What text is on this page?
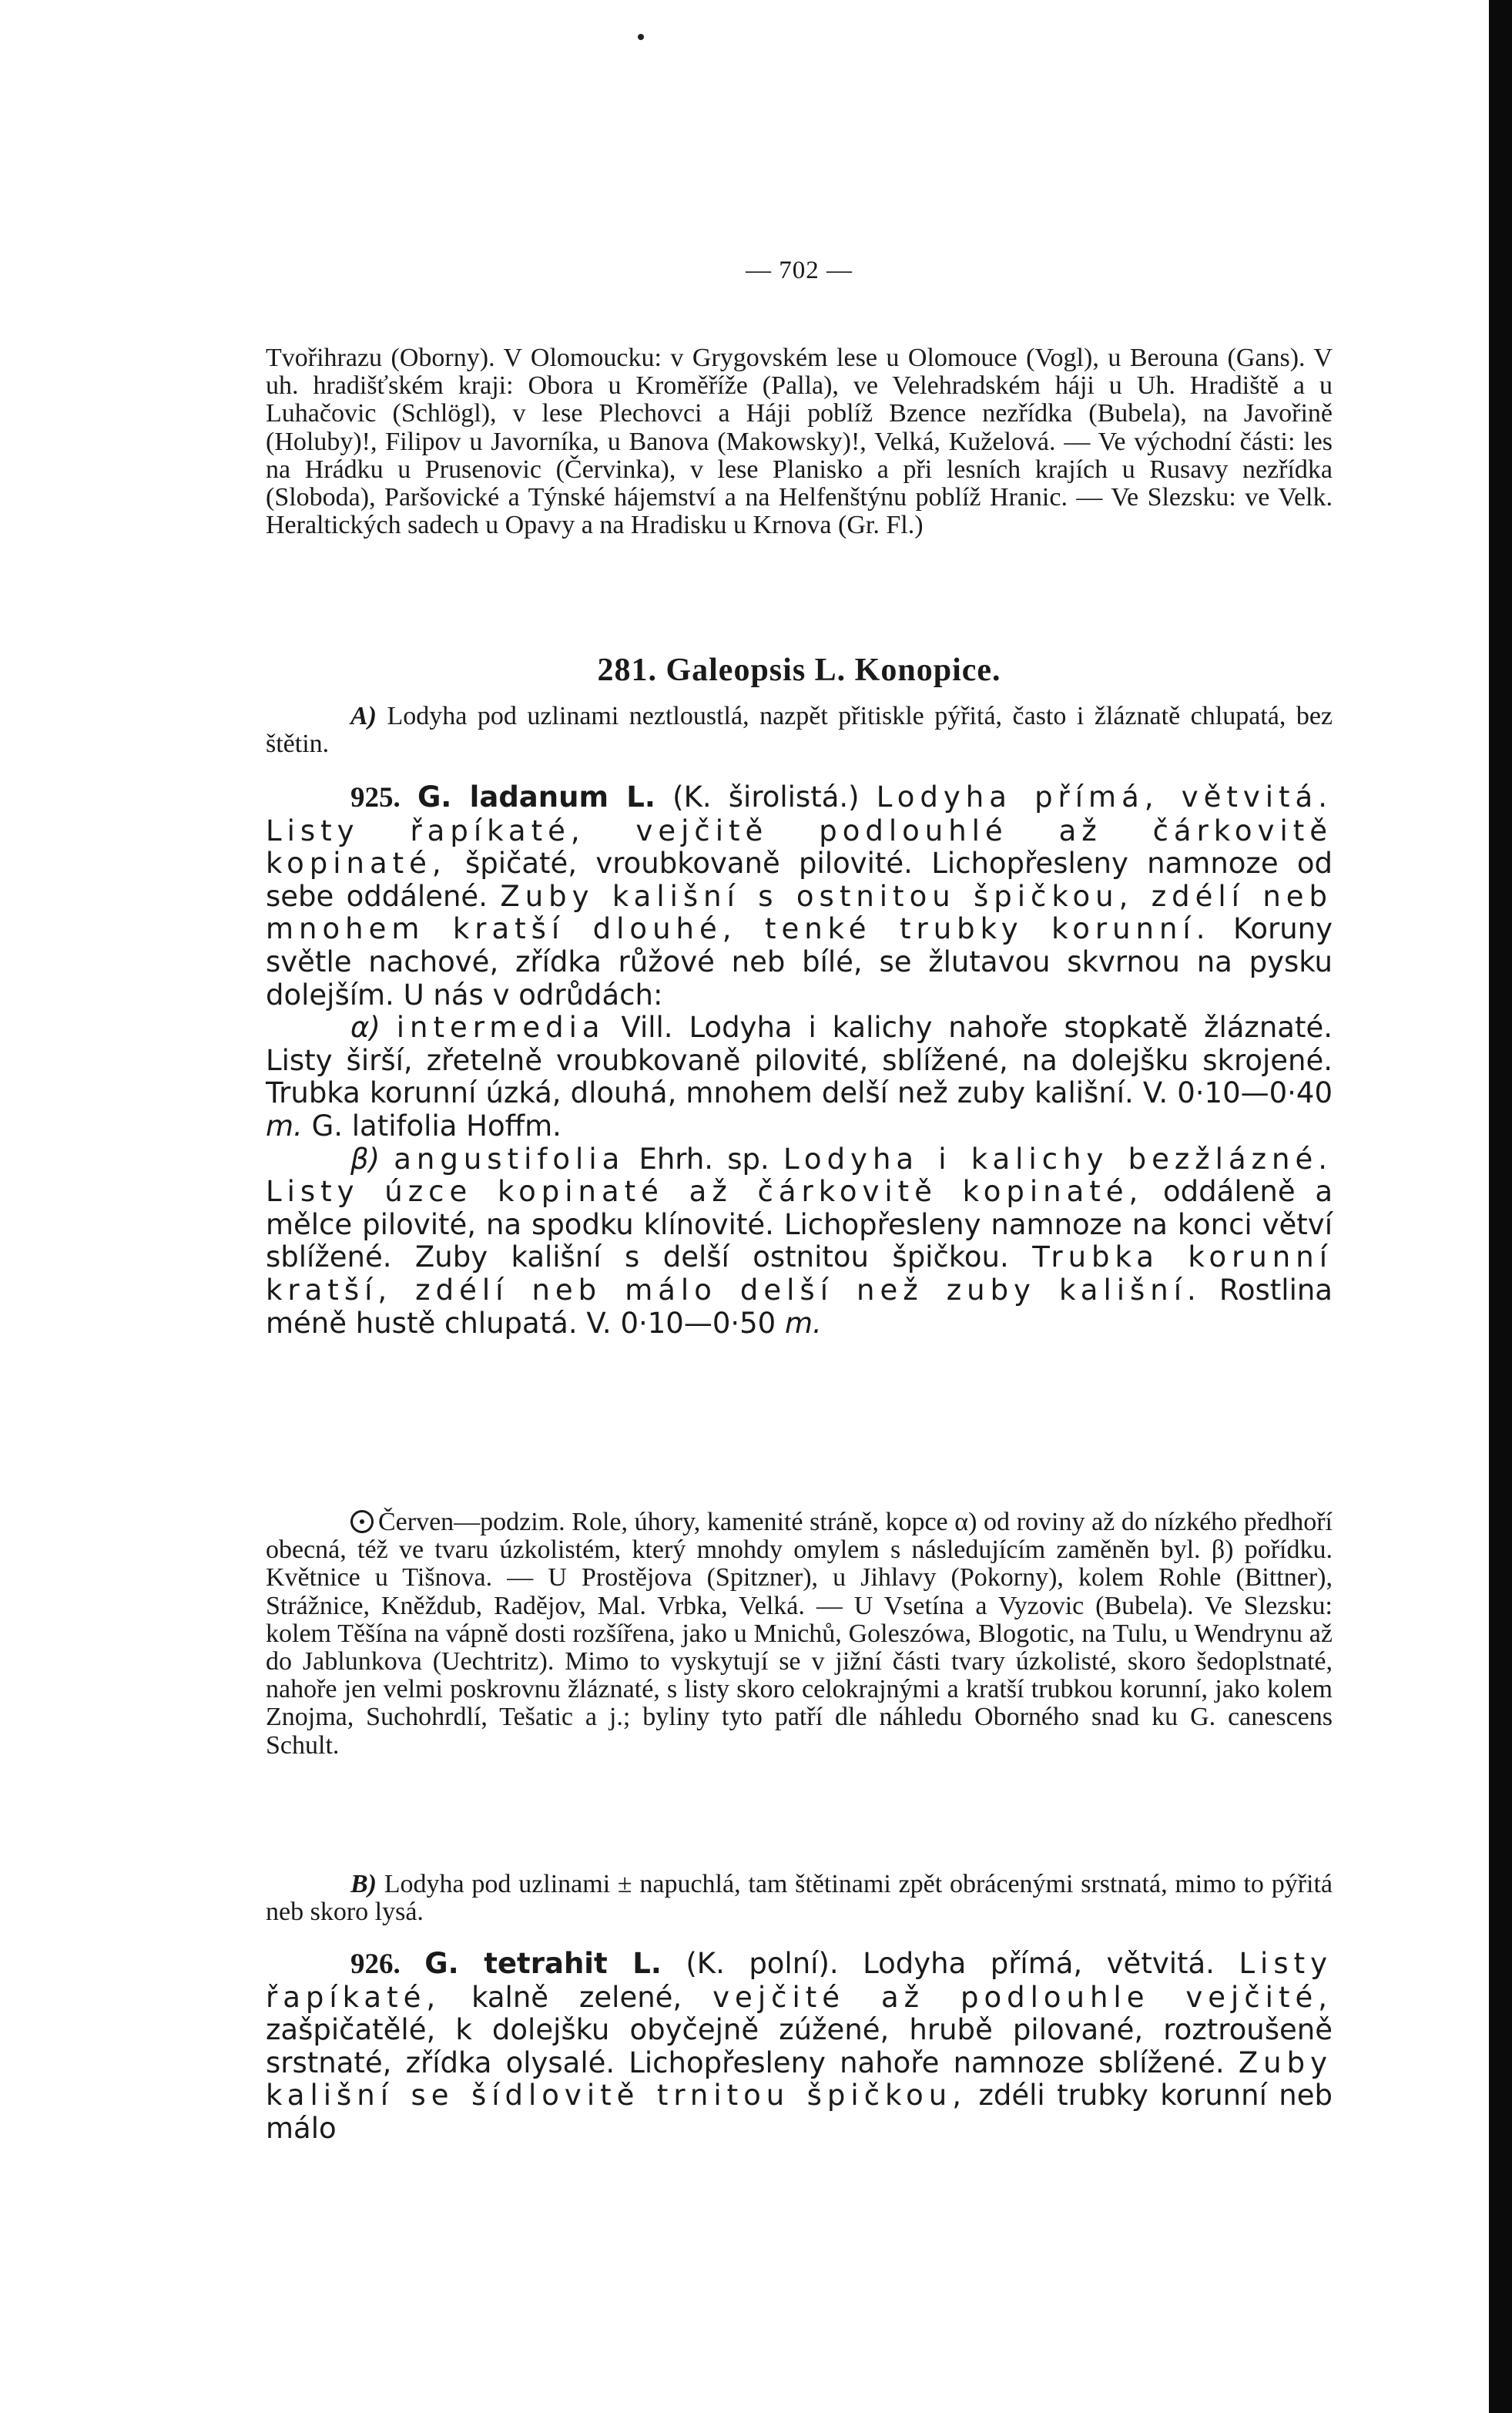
— 702 —

Tvořihrazu (Oborny). V Olomoucku: v Grygovském lese u Olomouce (Vogl), u Berouna (Gans). V uh. hradišťském kraji: Obora u Kroměříže (Palla), ve Velehradském háji u Uh. Hradiště a u Luhačovic (Schlögl), v lese Plechovci a Háji poblíž Bzence nezřídka (Bubela), na Javořině (Holuby)!, Filipov u Javorníka, u Banova (Makowsky)!, Velká, Kuželová. — Ve východní části: les na Hrádku u Prusenovic (Červinka), v lese Planisko a při lesních krajích u Rusavy nezřídka (Sloboda), Paršovické a Týnské hájemství a na Helfenštýnu poblíž Hranic. — Ve Slezsku: ve Velk. Heraltických sadech u Opavy a na Hradisku u Krnova (Gr. Fl.)

281. Galeopsis L. Konopice.

A) Lodyha pod uzlinami neztloustlá, nazpět přitiskle pýřitá, často i žláznatě chlupatá, bez štětin.

925. G. ladanum L. (K. širolistá.) Lodyha přímá, větvitá. Listy řapíkaté, vejčitě podlouhlé až čárkovitě kopinaté, špičaté, vroubkovaně pilovité. Lichopřesleny namnoze od sebe oddálené. Zuby kališní s ostnitou špičkou, zdélí neb mnohem kratší dlouhé, tenké trubky korunní. Koruny světle nachové, zřídka růžové neb bílé, se žlutavou skvrnou na pysku dolejším. U nás v odrůdách:

α) intermedia Vill. Lodyha i kalichy nahoře stopkatě žláznaté. Listy širší, zřetelně vroubkovaně pilovité, sblížené, na dolejšku skrojené. Trubka korunní úzká, dlouhá, mnohem delší než zuby kališní. V. 0·10—0·40 m. G. latifolia Hoffm.

β) angustifolia Ehrh. sp. Lodyha i kalichy bezžlázné. Listy úzce kopinaté až čárkovitě kopinaté, oddáleně a mělce pilovité, na spodku klínovité. Lichopřesleny namnoze na konci větví sblížené. Zuby kališní s delší ostnitou špičkou. Trubka korunní kratší, zdélí neb málo delší než zuby kališní. Rostlina méně hustě chlupatá. V. 0·10—0·50 m.

Červen—podzim. Role, úhory, kamenité stráně, kopce α) od roviny až do nízkého předhoří obecná, též ve tvaru úzkolistém, který mnohdy omylem s následujícím zaměněn byl. β) pořídku. Květnice u Tišnova. — U Prostějova (Spitzner), u Jihlavy (Pokorny), kolem Rohle (Bittner), Strážnice, Kněždub, Radějov, Mal. Vrbka, Velká. — U Vsetína a Vyzovic (Bubela). Ve Slezsku: kolem Těšína na vápně dosti rozšířena, jako u Mnichů, Goleszówa, Blogotic, na Tulu, u Wendrynu až do Jablunkova (Uechtritz). Mimo to vyskytují se v jižní části tvary úzkolisté, skoro šedoplstnaté, nahoře jen velmi poskrovnu žláznaté, s listy skoro celokrajnými a kratší trubkou korunní, jako kolem Znojma, Suchohrdlí, Tešatic a j.; byliny tyto patří dle náhledu Oborného snad ku G. canescens Schult.

B) Lodyha pod uzlinami ± napuchlá, tam štětinami zpět obrácenými srstnatá, mimo to pýřitá neb skoro lysá.

926. G. tetrahit L. (K. polní). Lodyha přímá, větvitá. Listy řapíkaté, kalně zelené, vejčité až podlouhle vejčité, zašpičatělé, k dolejšku obyčejně zúžené, hrubě pilované, roztroušeně srstnaté, zřídka olysalé. Lichopřesleny nahoře namnoze sblížené. Zuby kališní se šídlovitě trnitou špičkou, zdéli trubky korunní neb málo
